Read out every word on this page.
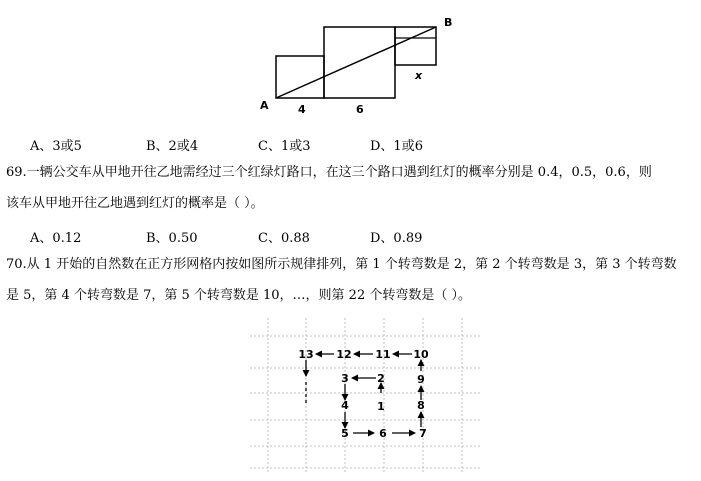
A
B
4	6
x
A、3或5	B、2或4	C、1或3	D、1或6
69.一辆公交车从甲地开往乙地需经过三个红绿灯路口，在这三个路口遇到红灯的概率分别是 0.4，0.5，0.6，则
该车从甲地开往乙地遇到红灯的概率是（ ）。
A、0.12	B、0.50	C、0.88	D、0.89
70.从 1 开始的自然数在正方形网格内按如图所示规律排列，第 1 个转弯数是 2，第 2 个转弯数是 3，第 3 个转弯数
是 5，第 4 个转弯数是 7，第 5 个转弯数是 10，…，则第 22 个转弯数是（ ）。
1
2
3
4
5	6	7
8
9
10
11
12
13
